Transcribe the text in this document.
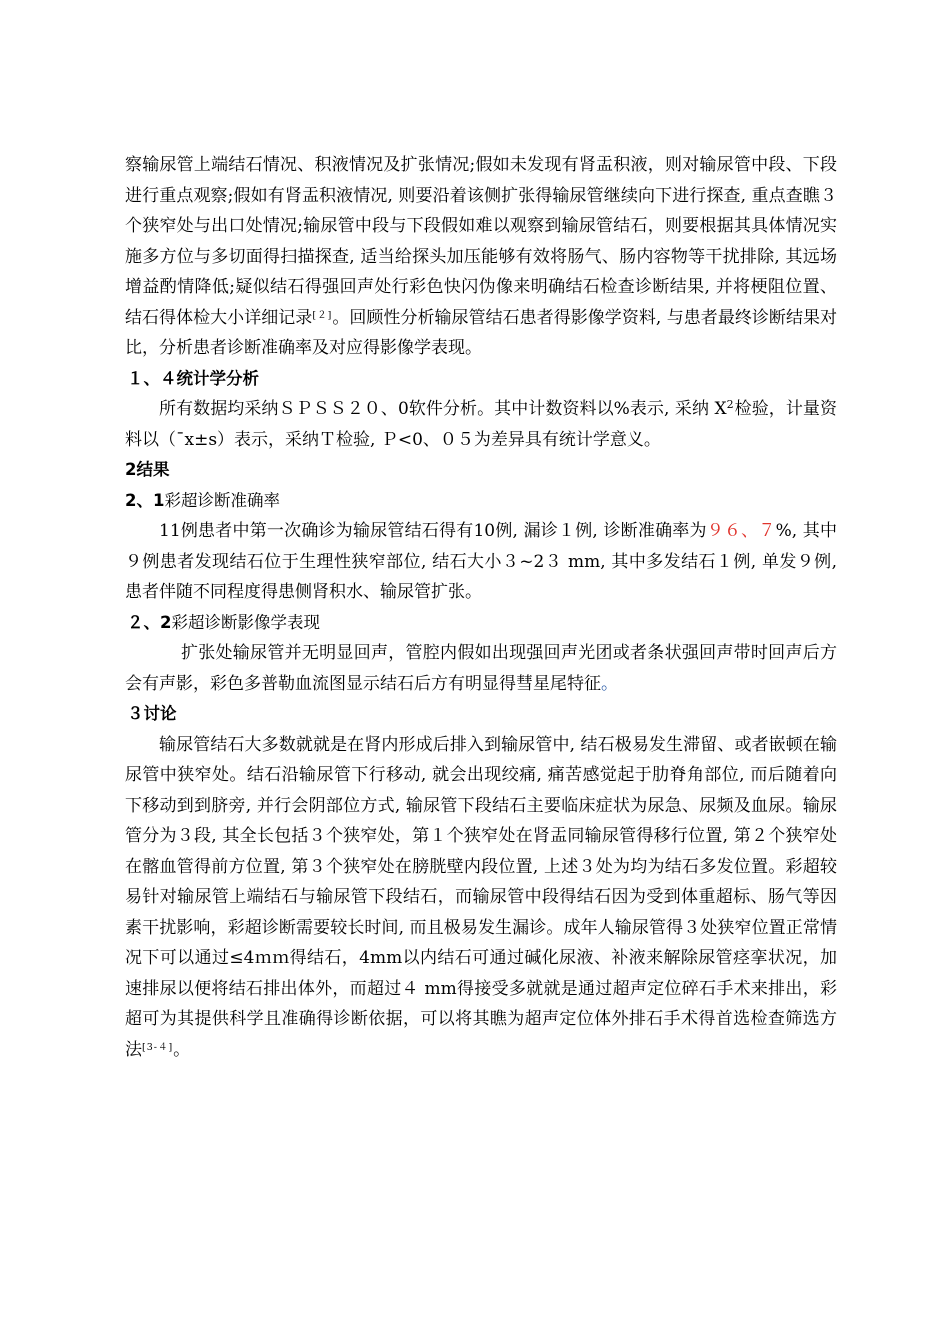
察输尿管上端结石情况、积液情况及扩张情况;假如未发现有肾盂积液，则对输尿管中段、下段进行重点观察;假如有肾盂积液情况, 则要沿着该侧扩张得输尿管继续向下进行探查, 重点查瞧３个狭窄处与出口处情况;输尿管中段与下段假如难以观察到输尿管结石，则要根据其具体情况实施多方位与多切面得扫描探查, 适当给探头加压能够有效将肠气、肠内容物等干扰排除, 其远场增益酌情降低;疑似结石得强回声处行彩色快闪伪像来明确结石检查诊断结果, 并将梗阻位置、结石得体检大小详细记录[２]。回顾性分析输尿管结石患者得影像学资料, 与患者最终诊断结果对比，分析患者诊断准确率及对应得影像学表现。

１、４统计学分析

所有数据均采纳ＳＰＳＳ２０、0软件分析。其中计数资料以%表示, 采纳 $X^2$检验，计量资料以（¯x±s）表示，采纳Ｔ检验, Ｐ<0、０５为差异具有统计学意义。

2结果

2、1彩超诊断准确率

11例患者中第一次确诊为输尿管结石得有10例, 漏诊１例, 诊断准确率为９６、７%, 其中９例患者发现结石位于生理性狭窄部位, 结石大小３~2３ mm, 其中多发结石１例, 单发９例, 患者伴随不同程度得患侧肾积水、输尿管扩张。

２、2彩超诊断影像学表现

扩张处输尿管并无明显回声，管腔内假如出现强回声光团或者条状强回声带时回声后方会有声影，彩色多普勒血流图显示结石后方有明显得彗星尾特征。

３讨论

输尿管结石大多数就就是在肾内形成后排入到输尿管中, 结石极易发生滞留、或者嵌顿在输尿管中狭窄处。结石沿输尿管下行移动, 就会出现绞痛, 痛苦感觉起于肋脊角部位, 而后随着向下移动到到脐旁, 并行会阴部位方式, 输尿管下段结石主要临床症状为尿急、尿频及血尿。输尿管分为３段, 其全长包括３个狭窄处，第１个狭窄处在肾盂同输尿管得移行位置, 第２个狭窄处在髂血管得前方位置, 第３个狭窄处在膀胱壁内段位置, 上述３处为均为结石多发位置。彩超较易针对输尿管上端结石与输尿管下段结石，而输尿管中段得结石因为受到体重超标、肠气等因素干扰影响，彩超诊断需要较长时间, 而且极易发生漏诊。成年人输尿管得３处狭窄位置正常情况下可以通过≤4ｍｍ得结石，4mm以内结石可通过碱化尿液、补液来解除尿管痉挛状况，加速排尿以便将结石排出体外，而超过４ mm得接受多就就是通过超声定位碎石手术来排出，彩超可为其提供科学且准确得诊断依据，可以将其瞧为超声定位体外排石手术得首选检查筛选方法[3-４]。
